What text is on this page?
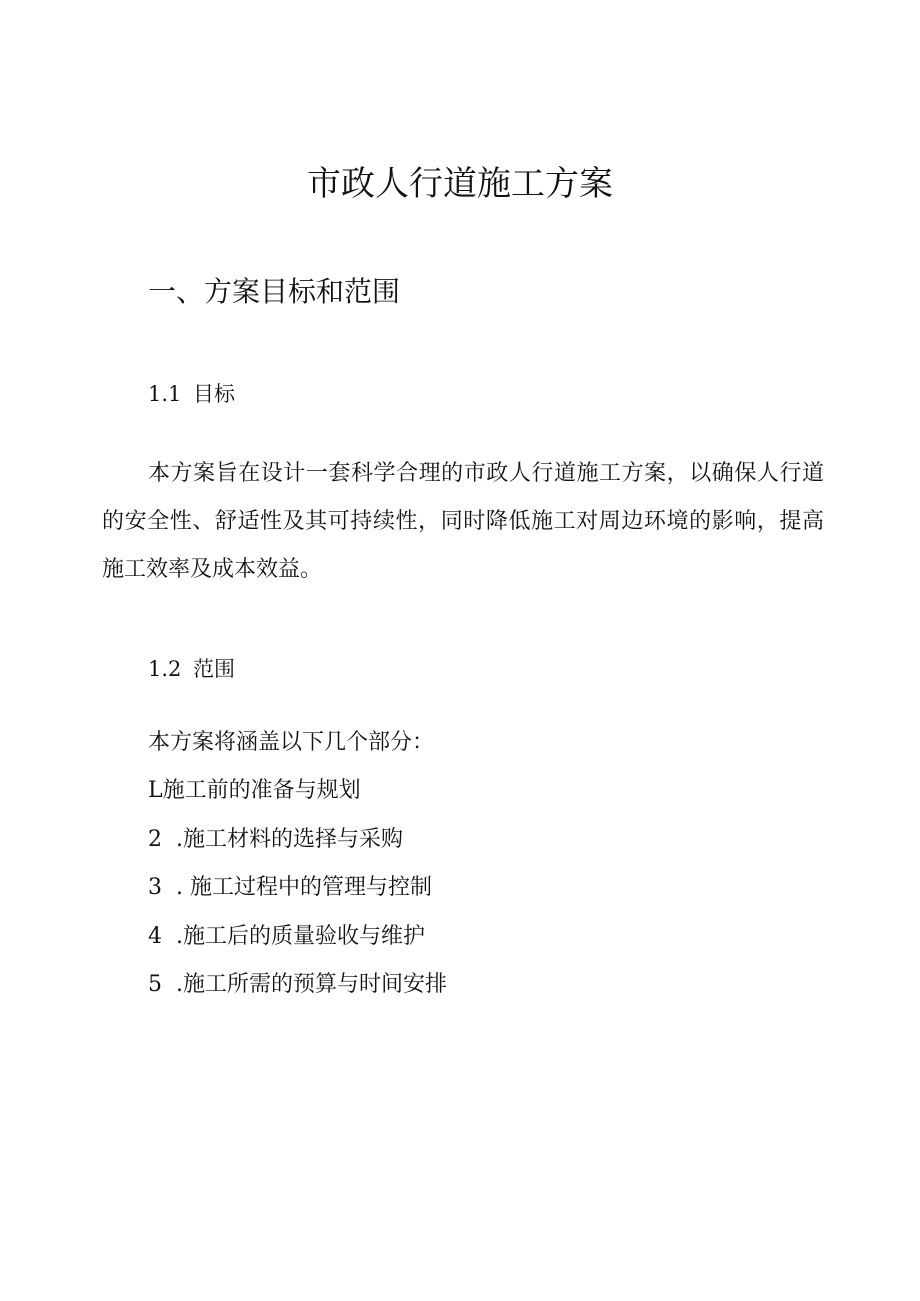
市政人行道施工方案
一、方案目标和范围
1.1 目标

本方案旨在设计一套科学合理的市政人行道施工方案，以确保人行道的安全性、舒适性及其可持续性，同时降低施工对周边环境的影响，提高施工效率及成本效益。

1.2 范围

本方案将涵盖以下几个部分：

L施工前的准备与规划
2  .施工材料的选择与采购
3  . 施工过程中的管理与控制
4  .施工后的质量验收与维护
5  .施工所需的预算与时间安排
